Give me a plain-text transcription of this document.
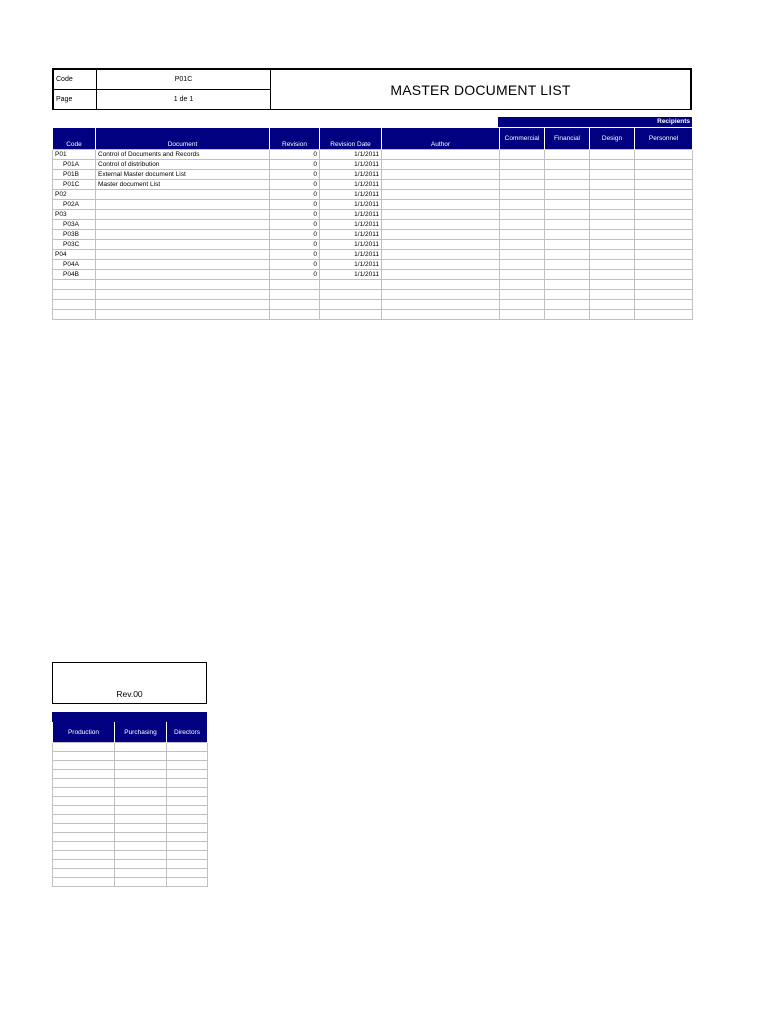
Code	P01C	MASTER DOCUMENT LIST
Page	1 de 1	
Recipients
Code	Document	Revision	Revision Date	Author	Commercial	Financial	Design	Personnel
P01	Control of Documents and Records	0	1/1/2011					
P01A	Control of distribution	0	1/1/2011					
P01B	External Master document List	0	1/1/2011					
P01C	Master document List	0	1/1/2011					
P02		0	1/1/2011					
P02A		0	1/1/2011					
P03		0	1/1/2011					
P03A		0	1/1/2011					
P03B		0	1/1/2011					
P03C		0	1/1/2011					
P04		0	1/1/2011					
P04A		0	1/1/2011					
P04B		0	1/1/2011					

Rev.00
Production	Purchasing	Directors
